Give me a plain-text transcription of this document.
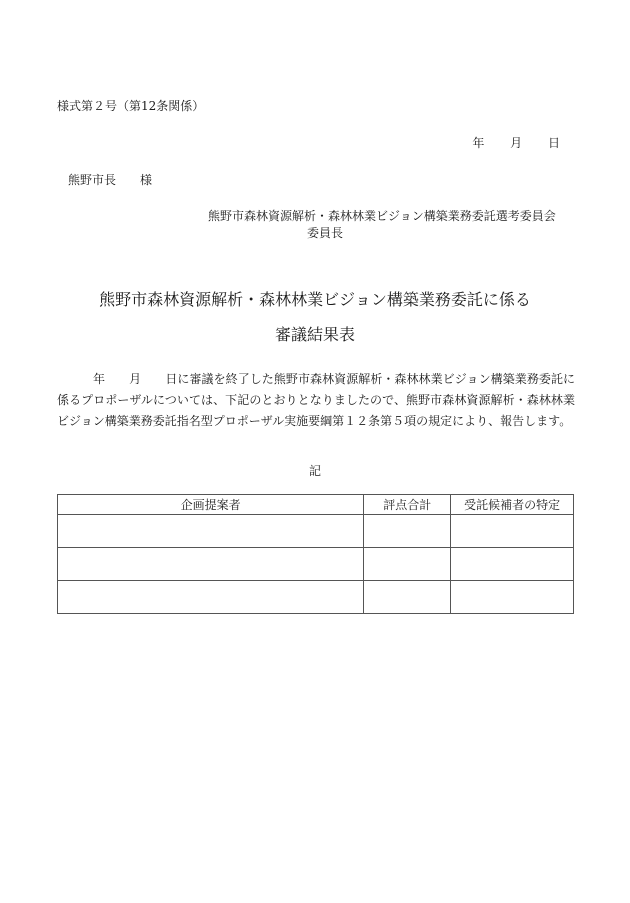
様式第２号（第12条関係）
年 月 日
熊野市長　　様
熊野市森林資源解析・森林林業ビジョン構築業務委託選考委員会
委員長
熊野市森林資源解析・森林林業ビジョン構築業務委託に係る
審議結果表
年　　月　　日に審議を終了した熊野市森林資源解析・森林林業ビジョン構築業務委託に係るプロポーザルについては、下記のとおりとなりましたので、熊野市森林資源解析・森林林業ビジョン構築業務委託指名型プロポーザル実施要綱第１２条第５項の規定により、報告します。
記
企画提案者	評点合計	受託候補者の特定
